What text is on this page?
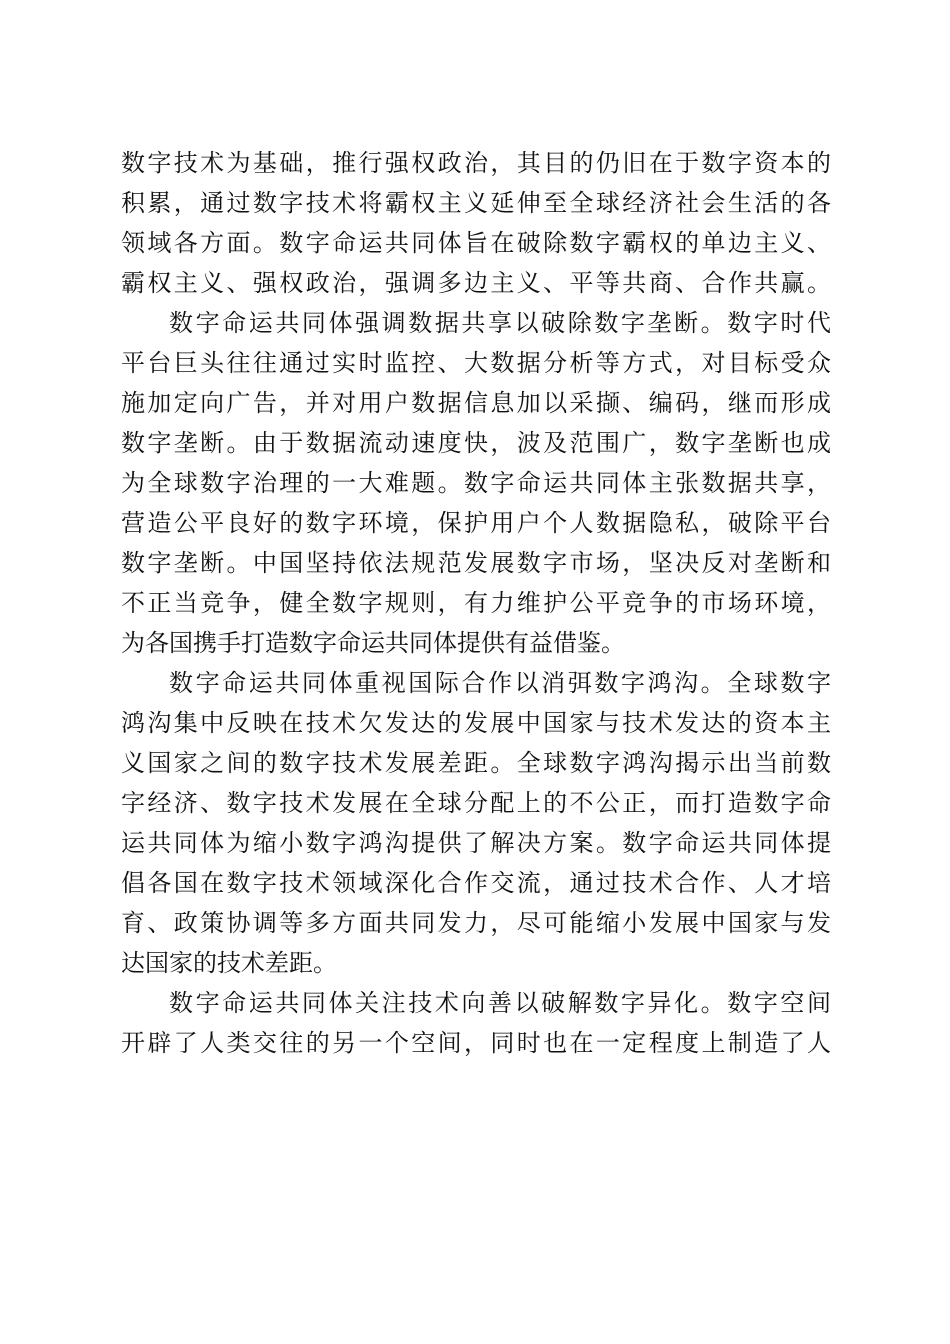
数字技术为基础，推行强权政治，其目的仍旧在于数字资本的
积累，通过数字技术将霸权主义延伸至全球经济社会生活的各
领域各方面。数字命运共同体旨在破除数字霸权的单边主义、
霸权主义、强权政治，强调多边主义、平等共商、合作共赢。
数字命运共同体强调数据共享以破除数字垄断。数字时代
平台巨头往往通过实时监控、大数据分析等方式，对目标受众
施加定向广告，并对用户数据信息加以采撷、编码，继而形成
数字垄断。由于数据流动速度快，波及范围广，数字垄断也成
为全球数字治理的一大难题。数字命运共同体主张数据共享，
营造公平良好的数字环境，保护用户个人数据隐私，破除平台
数字垄断。中国坚持依法规范发展数字市场，坚决反对垄断和
不正当竞争，健全数字规则，有力维护公平竞争的市场环境，
为各国携手打造数字命运共同体提供有益借鉴。
数字命运共同体重视国际合作以消弭数字鸿沟。全球数字
鸿沟集中反映在技术欠发达的发展中国家与技术发达的资本主
义国家之间的数字技术发展差距。全球数字鸿沟揭示出当前数
字经济、数字技术发展在全球分配上的不公正，而打造数字命
运共同体为缩小数字鸿沟提供了解决方案。数字命运共同体提
倡各国在数字技术领域深化合作交流，通过技术合作、人才培
育、政策协调等多方面共同发力，尽可能缩小发展中国家与发
达国家的技术差距。
数字命运共同体关注技术向善以破解数字异化。数字空间
开辟了人类交往的另一个空间，同时也在一定程度上制造了人
